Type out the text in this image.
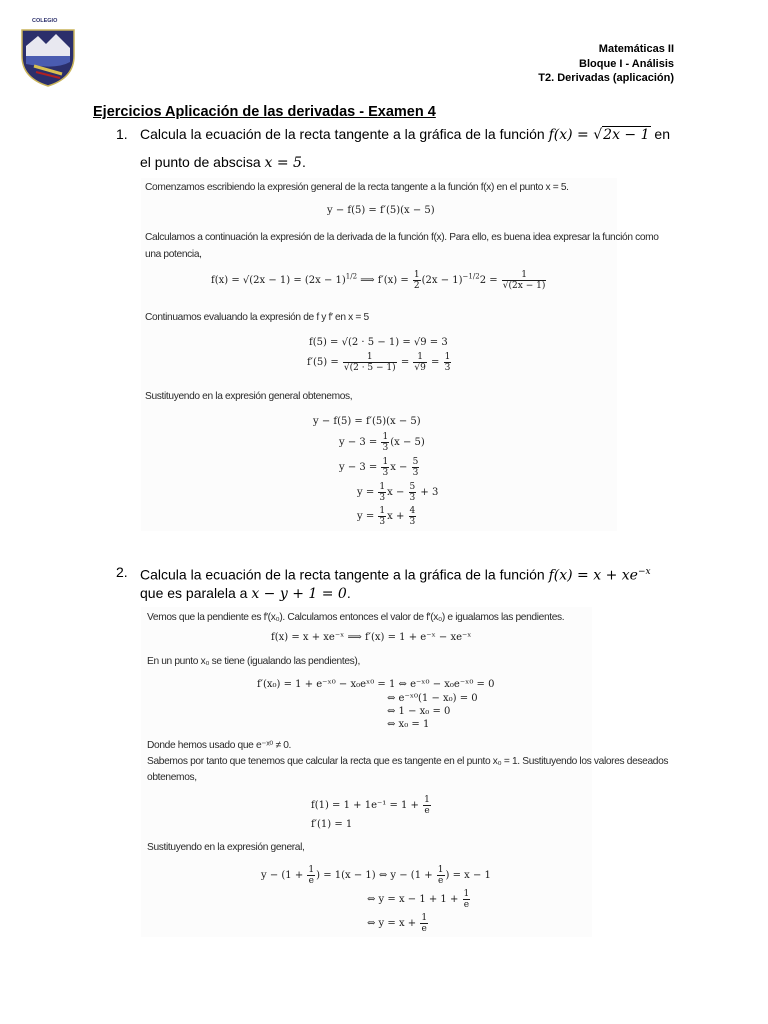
COLEGIO
Matemáticas II
Bloque I - Análisis
T2. Derivadas (aplicación)
Ejercicios Aplicación de las derivadas - Examen 4
1. Calcula la ecuación de la recta tangente a la gráfica de la función f(x) = √2x − 1 en
el punto de abscisa x = 5.
Comenzamos escribiendo la expresión general de la recta tangente a la función f(x) en el punto x = 5.
y − f(5) = f′(5)(x − 5)
Calculamos a continuación la expresión de la derivada de la función f(x). Para ello, es buena idea expresar la función como
una potencia,
$f(x) = √(2x - 1) = (2x - 1)^{1/2}$ ⟹ $f'(x) = \frac{1}{2} (2x - 1)^{-1/2}2 = \frac{1}{√(2x - 1)}$
Continuamos evaluando la expresión de f y f′ en x = 5
f(5) = √(2 · 5 − 1) = √9 = 3
$f'(5) = \frac{1}{√(2 \cdot 5 - 1)} = \frac{1}{√9} = \frac{1}{3}$
Sustituyendo en la expresión general obtenemos,
y − f(5) = f′(5)(x − 5)
$y - 3 = \frac{1}{3} (x - 5)$
$y - 3 = \frac{1}{3}$ $x - \frac{5}{3}$
$y = \frac{1}{3}$ $x - \frac{5}{3} + 3$
$y = \frac{1}{3}$ $x + \frac{4}{3}$
2. Calcula la ecuación de la recta tangente a la gráfica de la función $f(x) = x + xe^{-x}$
que es paralela a x − y + 1 = 0.
Vemos que la pendiente es f′(x₀). Calculamos entonces el valor de f′(x₀) e igualamos las pendientes.
f(x) = x + xe⁻ˣ ⟹ f′(x) = 1 + e⁻ˣ − xe⁻ˣ
En un punto x₀ se tiene (igualando las pendientes),
f′(x₀) = 1 + e⁻ˣ⁰ − x₀eˣ⁰ = 1 ⇔ e⁻ˣ⁰ − x₀e⁻ˣ⁰ = 0
⇔ e⁻ˣ⁰(1 − x₀) = 0
⇔ 1 − x₀ = 0
⇔ x₀ = 1
Donde hemos usado que e⁻ˣ⁰ ≠ 0.
Sabemos por tanto que tenemos que calcular la recta que es tangente en el punto x₀ = 1. Sustituyendo los valores deseados
obtenemos,
$f(1) = 1 + 1e^{-1} = 1 + \frac{1}{e}$
f′(1) = 1
Sustituyendo en la expresión general,
$y - (1 + \frac{1}{e}$ ) = 1(x − 1) ⇔ $y - (1 + \frac{1}{e}$ ) = x − 1
⇔ $y = x - 1 + 1 + \frac{1}{e}$
⇔ $y = x + \frac{1}{e}$
